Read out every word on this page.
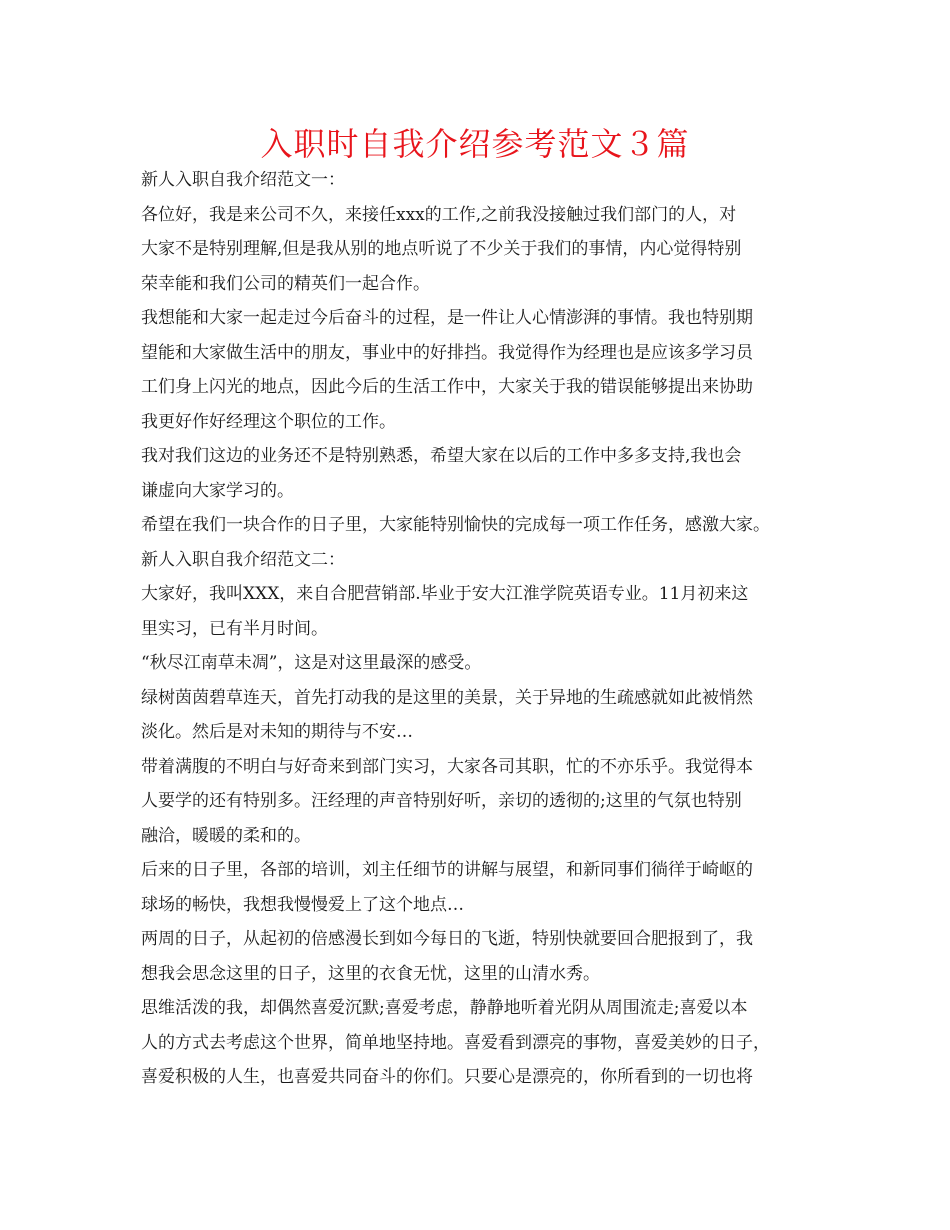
入职时自我介绍参考范文３篇
新人入职自我介绍范文一：
各位好，我是来公司不久，来接任xxx的工作,之前我没接触过我们部门的人，对
大家不是特别理解,但是我从别的地点听说了不少关于我们的事情，内心觉得特别
荣幸能和我们公司的精英们一起合作。
我想能和大家一起走过今后奋斗的过程，是一件让人心情澎湃的事情。我也特别期
望能和大家做生活中的朋友，事业中的好排挡。我觉得作为经理也是应该多学习员
工们身上闪光的地点，因此今后的生活工作中，大家关于我的错误能够提出来协助
我更好作好经理这个职位的工作。
我对我们这边的业务还不是特别熟悉，希望大家在以后的工作中多多支持,我也会
谦虚向大家学习的。
希望在我们一块合作的日子里，大家能特别愉快的完成每一项工作任务，感激大家。
新人入职自我介绍范文二：
大家好，我叫XXX，来自合肥营销部.毕业于安大江淮学院英语专业。11月初来这
里实习，已有半月时间。
“秋尽江南草未凋”，这是对这里最深的感受。
绿树茵茵碧草连天，首先打动我的是这里的美景，关于异地的生疏感就如此被悄然
淡化。然后是对未知的期待与不安…
带着满腹的不明白与好奇来到部门实习，大家各司其职，忙的不亦乐乎。我觉得本
人要学的还有特别多。汪经理的声音特别好听，亲切的透彻的;这里的气氛也特别
融洽，暖暖的柔和的。
后来的日子里，各部的培训，刘主任细节的讲解与展望，和新同事们徜徉于崎岖的
球场的畅快，我想我慢慢爱上了这个地点…
两周的日子，从起初的倍感漫长到如今每日的飞逝，特别快就要回合肥报到了，我
想我会思念这里的日子，这里的衣食无忧，这里的山清水秀。
思维活泼的我，却偶然喜爱沉默;喜爱考虑，静静地听着光阴从周围流走;喜爱以本
人的方式去考虑这个世界，简单地坚持地。喜爱看到漂亮的事物，喜爱美妙的日子，
喜爱积极的人生，也喜爱共同奋斗的你们。只要心是漂亮的，你所看到的一切也将
